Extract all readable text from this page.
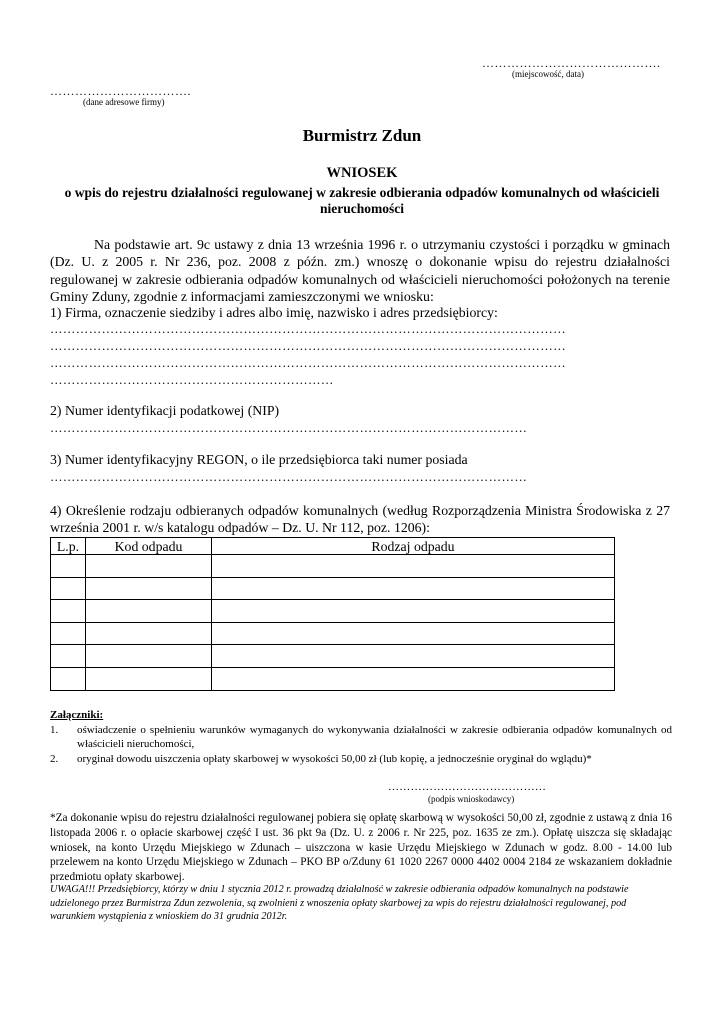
…………………………………….
(miejscowość, data)
…………………………….
(dane adresowe firmy)
Burmistrz Zdun
WNIOSEK
o wpis do rejestru działalności regulowanej w zakresie odbierania odpadów komunalnych od właścicieli nieruchomości
Na podstawie art. 9c ustawy z dnia 13 września 1996 r. o utrzymaniu czystości i porządku w gminach (Dz. U. z 2005 r. Nr 236, poz. 2008 z późn. zm.) wnoszę o dokonanie wpisu do rejestru działalności regulowanej w zakresie odbierania odpadów komunalnych od właścicieli nieruchomości położonych na terenie Gminy Zduny, zgodnie z informacjami zamieszczonymi we wniosku:
1) Firma, oznaczenie siedziby i adres albo imię, nazwisko i adres przedsiębiorcy:
…………………………………………………………………………………………………………
…………………………………………………………………………………………………………
…………………………………………………………………………………………………………
…………………………………………………………
2) Numer identyfikacji podatkowej (NIP)
…………………………………………………………………………………………………
3) Numer identyfikacyjny REGON, o ile przedsiębiorca taki numer posiada
…………………………………………………………………………………………………
4) Określenie rodzaju odbieranych odpadów komunalnych (według Rozporządzenia Ministra Środowiska z 27 września 2001 r. w/s katalogu odpadów – Dz. U. Nr 112, poz. 1206):
L.p.	Kod odpadu	Rodzaj odpadu

Załączniki:
1. oświadczenie o spełnieniu warunków wymaganych do wykonywania działalności w zakresie odbierania odpadów komunalnych od właścicieli nieruchomości,
2. oryginał dowodu uiszczenia opłaty skarbowej w wysokości 50,00 zł (lub kopię, a jednocześnie oryginał do wglądu)*
……………………………………
(podpis wnioskodawcy)
*Za dokonanie wpisu do rejestru działalności regulowanej pobiera się opłatę skarbową w wysokości 50,00 zł, zgodnie z ustawą z dnia 16 listopada 2006 r. o opłacie skarbowej część I ust. 36 pkt 9a (Dz. U. z 2006 r. Nr 225, poz. 1635 ze zm.). Opłatę uiszcza się składając wniosek, na konto Urzędu Miejskiego w Zdunach – uiszczona w kasie Urzędu Miejskiego w Zdunach w godz. 8.00 - 14.00 lub przelewem na konto Urzędu Miejskiego w Zdunach – PKO BP o/Zduny 61 1020 2267 0000 4402 0004 2184 ze wskazaniem dokładnie przedmiotu opłaty skarbowej.
UWAGA!!! Przedsiębiorcy, którzy w dniu 1 stycznia 2012 r. prowadzą działalność w zakresie odbierania odpadów komunalnych na podstawie udzielonego przez Burmistrza Zdun zezwolenia, są zwolnieni z wnoszenia opłaty skarbowej za wpis do rejestru działalności regulowanej, pod warunkiem wystąpienia z wnioskiem do 31 grudnia 2012r.
